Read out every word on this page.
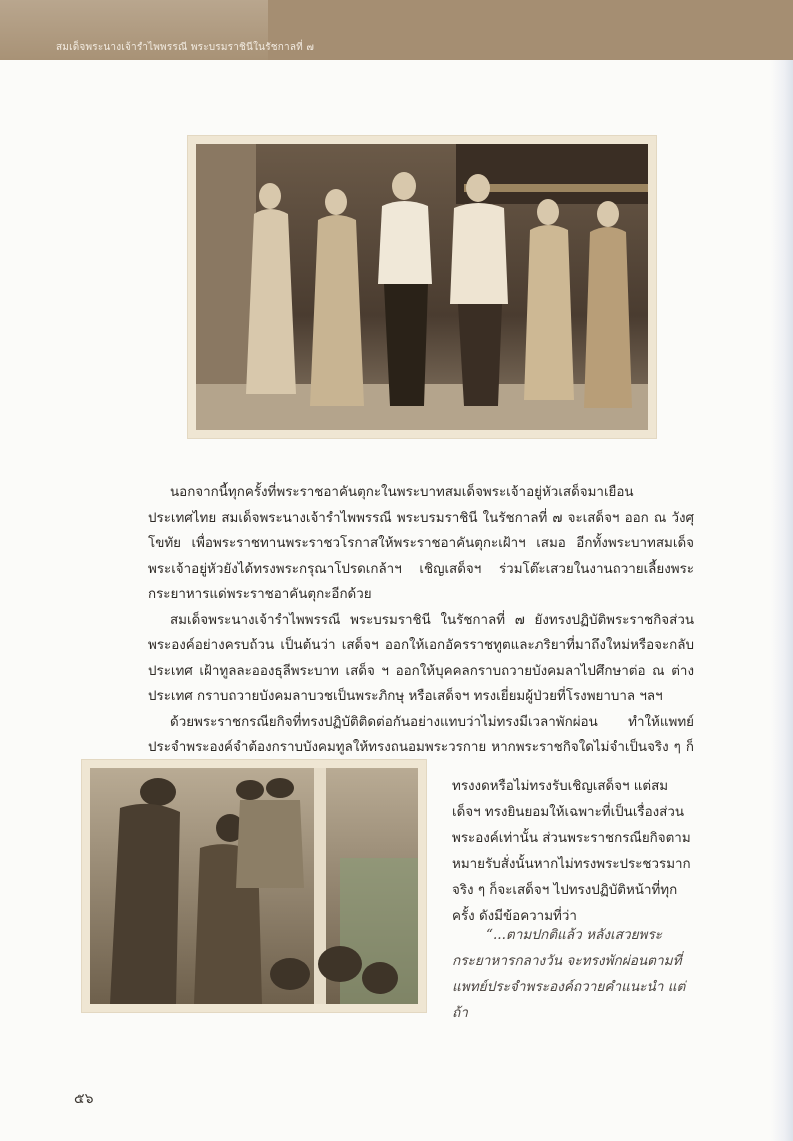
สมเด็จพระนางเจ้ารำไพพรรณี พระบรมราชินีในรัชกาลที่ ๗

นอกจากนี้ทุกครั้งที่พระราชอาคันตุกะในพระบาทสมเด็จพระเจ้าอยู่หัวเสด็จมาเยือนประเทศไทย สมเด็จพระนางเจ้ารำไพพรรณี พระบรมราชินี ในรัชกาลที่ ๗ จะเสด็จฯ ออก ณ วังศุโขทัย เพื่อพระราชทานพระราชวโรกาสให้พระราชอาคันตุกะเฝ้าฯ เสมอ อีกทั้งพระบาทสมเด็จพระเจ้าอยู่หัวยังได้ทรงพระกรุณาโปรดเกล้าฯ เชิญเสด็จฯ ร่วมโต๊ะเสวยในงานถวายเลี้ยงพระกระยาหารแด่พระราชอาคันตุกะอีกด้วย

สมเด็จพระนางเจ้ารำไพพรรณี พระบรมราชินี ในรัชกาลที่ ๗ ยังทรงปฏิบัติพระราชกิจส่วนพระองค์อย่างครบถ้วน เป็นต้นว่า เสด็จฯ ออกให้เอกอัครราชทูตและภริยาที่มาถึงใหม่หรือจะกลับประเทศ เฝ้าทูลละอองธุลีพระบาท เสด็จ ฯ ออกให้บุคคลกราบถวายบังคมลาไปศึกษาต่อ ณ ต่างประเทศ กราบถวายบังคมลาบวชเป็นพระภิกษุ หรือเสด็จฯ ทรงเยี่ยมผู้ป่วยที่โรงพยาบาล ฯลฯ

ด้วยพระราชกรณียกิจที่ทรงปฏิบัติติดต่อกันอย่างแทบว่าไม่ทรงมีเวลาพักผ่อน ทำให้แพทย์ประจำพระองค์จำต้องกราบบังคมทูลให้ทรงถนอมพระวรกาย หากพระราชกิจใดไม่จำเป็นจริง ๆ ก็

ทรงงดหรือไม่ทรงรับเชิญเสด็จฯ แต่สมเด็จฯ ทรงยินยอมให้เฉพาะที่เป็นเรื่องส่วนพระองค์เท่านั้น ส่วนพระราชกรณียกิจตามหมายรับสั่งนั้นหากไม่ทรงพระประชวรมากจริง ๆ ก็จะเสด็จฯ ไปทรงปฏิบัติหน้าที่ทุกครั้ง ดังมีข้อความที่ว่า

“...ตามปกติแล้ว หลังเสวยพระกระยาหารกลางวัน จะทรงพักผ่อนตามที่แพทย์ประจำพระองค์ถวายคำแนะนำ แต่ถ้า

๕๖
